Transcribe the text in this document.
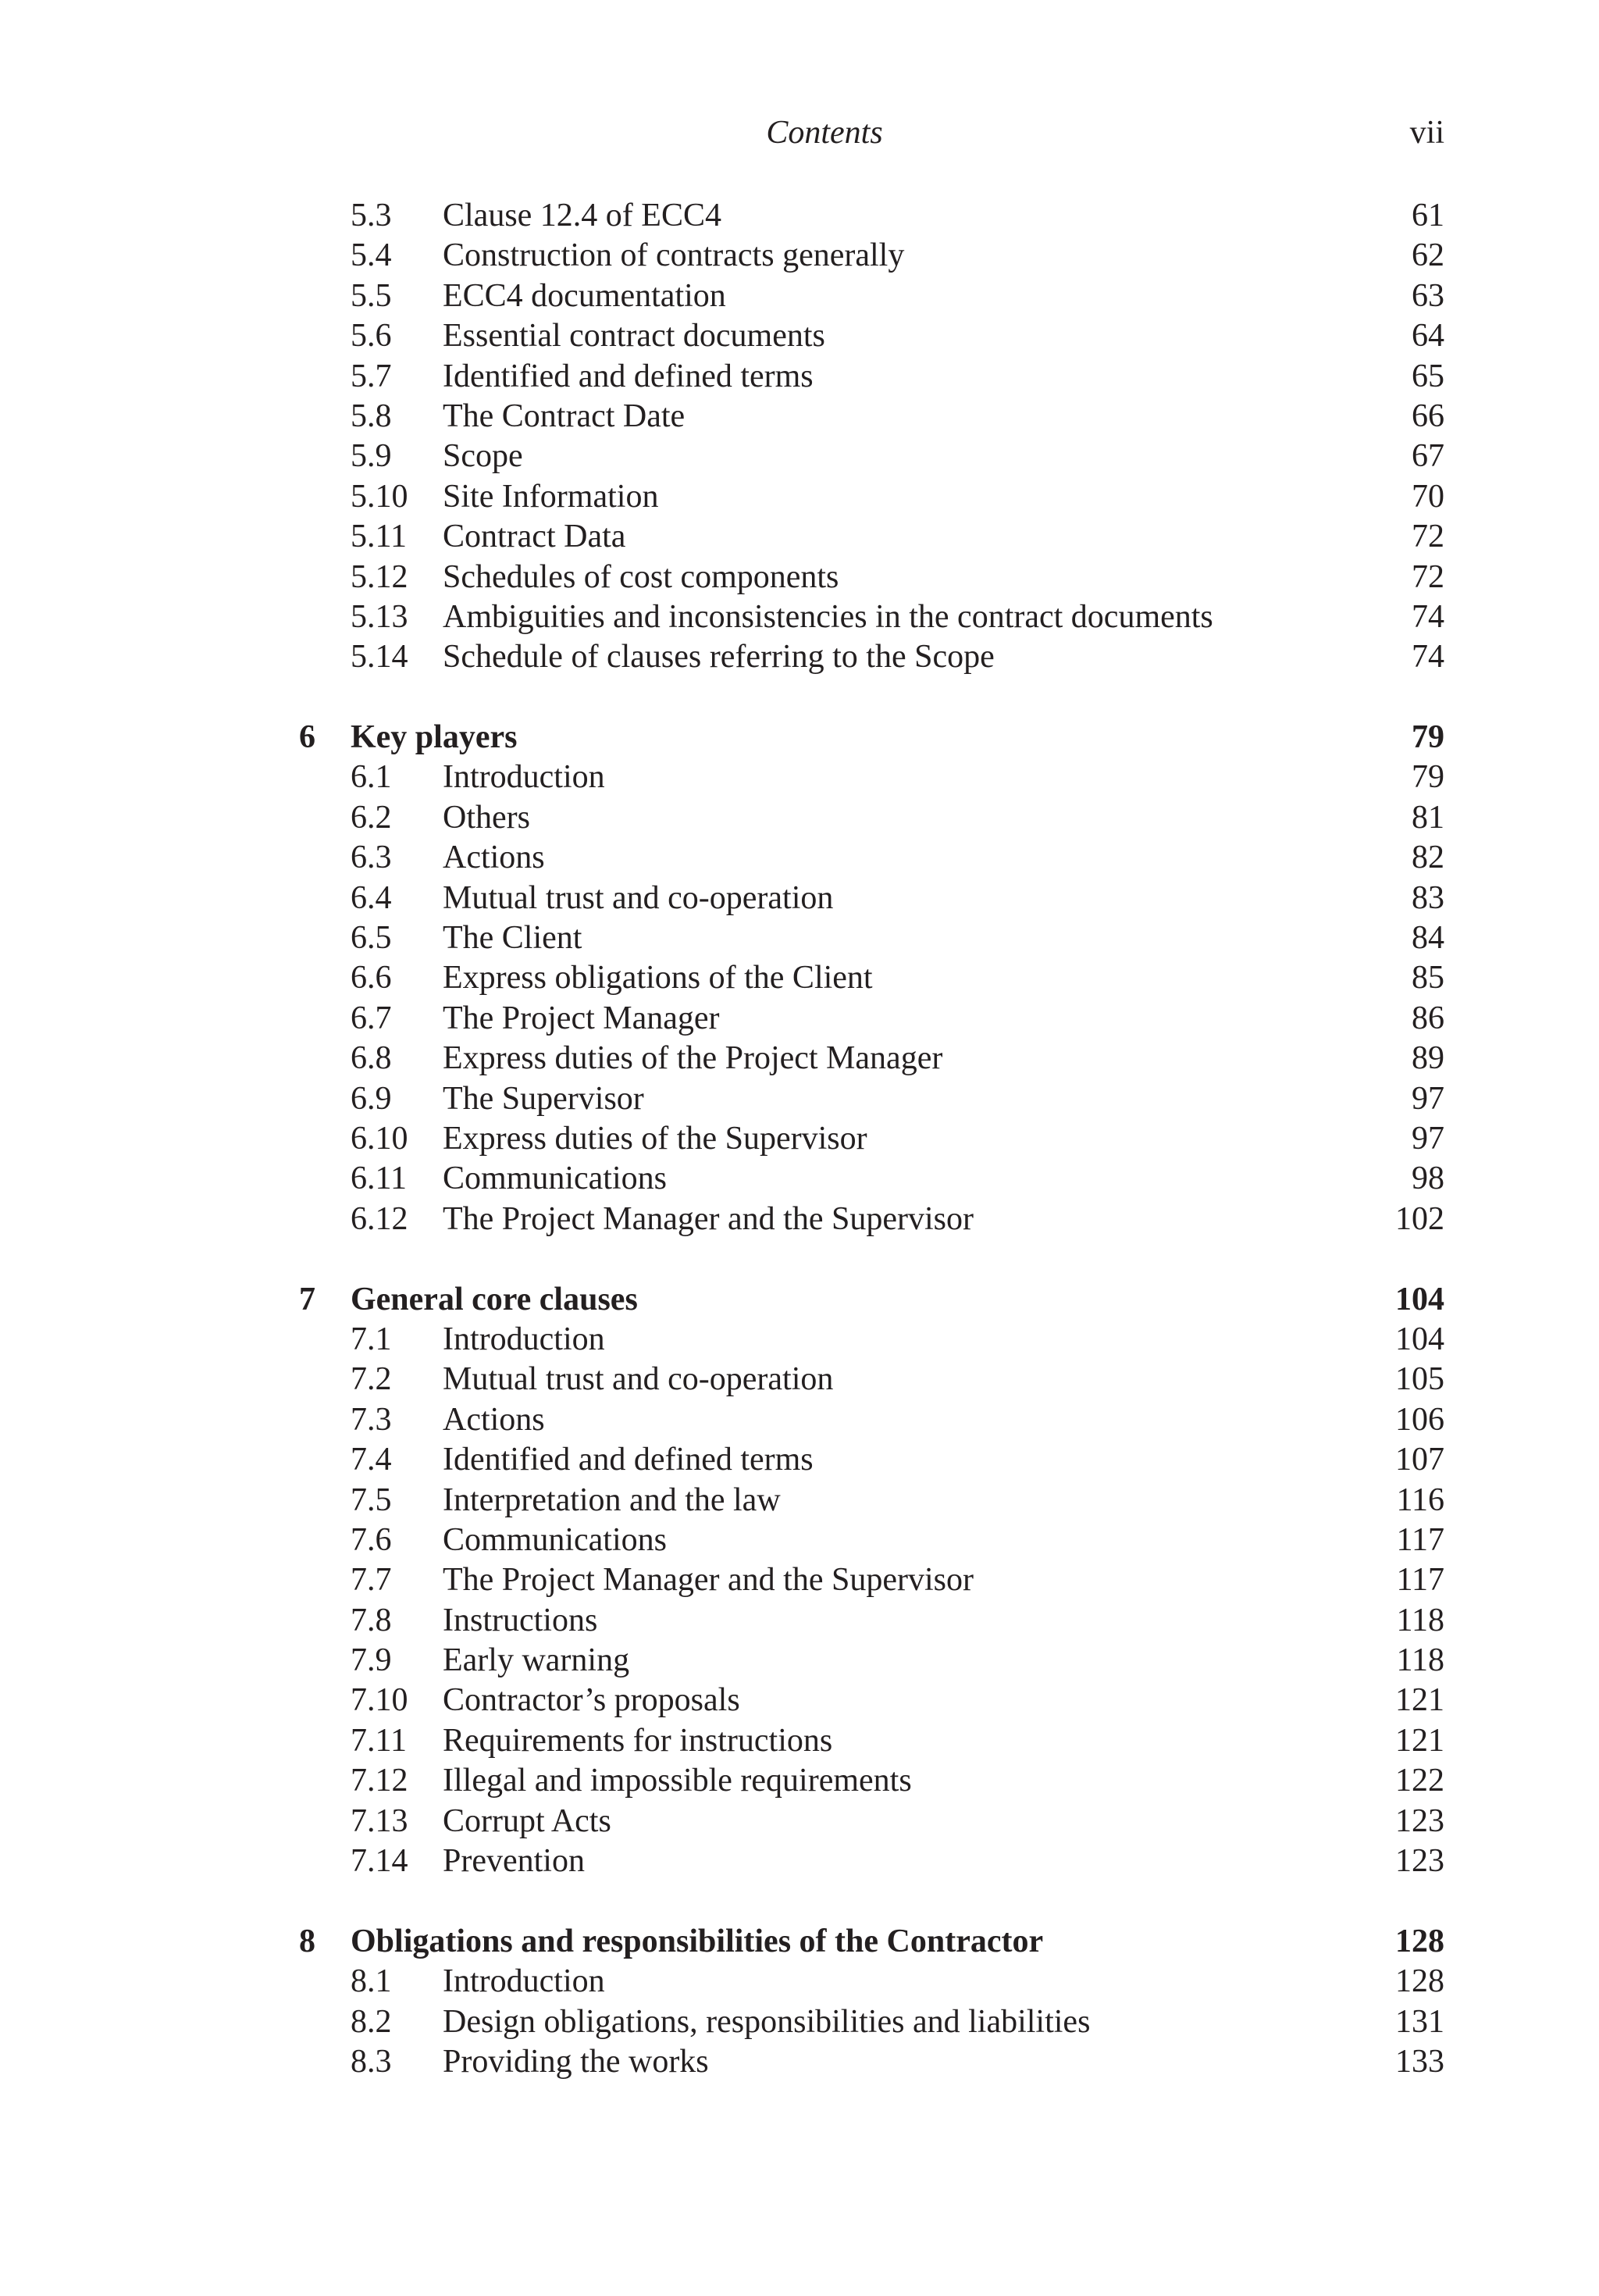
Contents	vii
5.3 Clause 12.4 of ECC4	61
5.4 Construction of contracts generally	62
5.5 ECC4 documentation	63
5.6 Essential contract documents	64
5.7 Identified and defined terms	65
5.8 The Contract Date	66
5.9 Scope	67
5.10 Site Information	70
5.11 Contract Data	72
5.12 Schedules of cost components	72
5.13 Ambiguities and inconsistencies in the contract documents	74
5.14 Schedule of clauses referring to the Scope	74
6 Key players	79
6.1 Introduction	79
6.2 Others	81
6.3 Actions	82
6.4 Mutual trust and co-operation	83
6.5 The Client	84
6.6 Express obligations of the Client	85
6.7 The Project Manager	86
6.8 Express duties of the Project Manager	89
6.9 The Supervisor	97
6.10 Express duties of the Supervisor	97
6.11 Communications	98
6.12 The Project Manager and the Supervisor	102
7 General core clauses	104
7.1 Introduction	104
7.2 Mutual trust and co-operation	105
7.3 Actions	106
7.4 Identified and defined terms	107
7.5 Interpretation and the law	116
7.6 Communications	117
7.7 The Project Manager and the Supervisor	117
7.8 Instructions	118
7.9 Early warning	118
7.10 Contractor’s proposals	121
7.11 Requirements for instructions	121
7.12 Illegal and impossible requirements	122
7.13 Corrupt Acts	123
7.14 Prevention	123
8 Obligations and responsibilities of the Contractor	128
8.1 Introduction	128
8.2 Design obligations, responsibilities and liabilities	131
8.3 Providing the works	133
